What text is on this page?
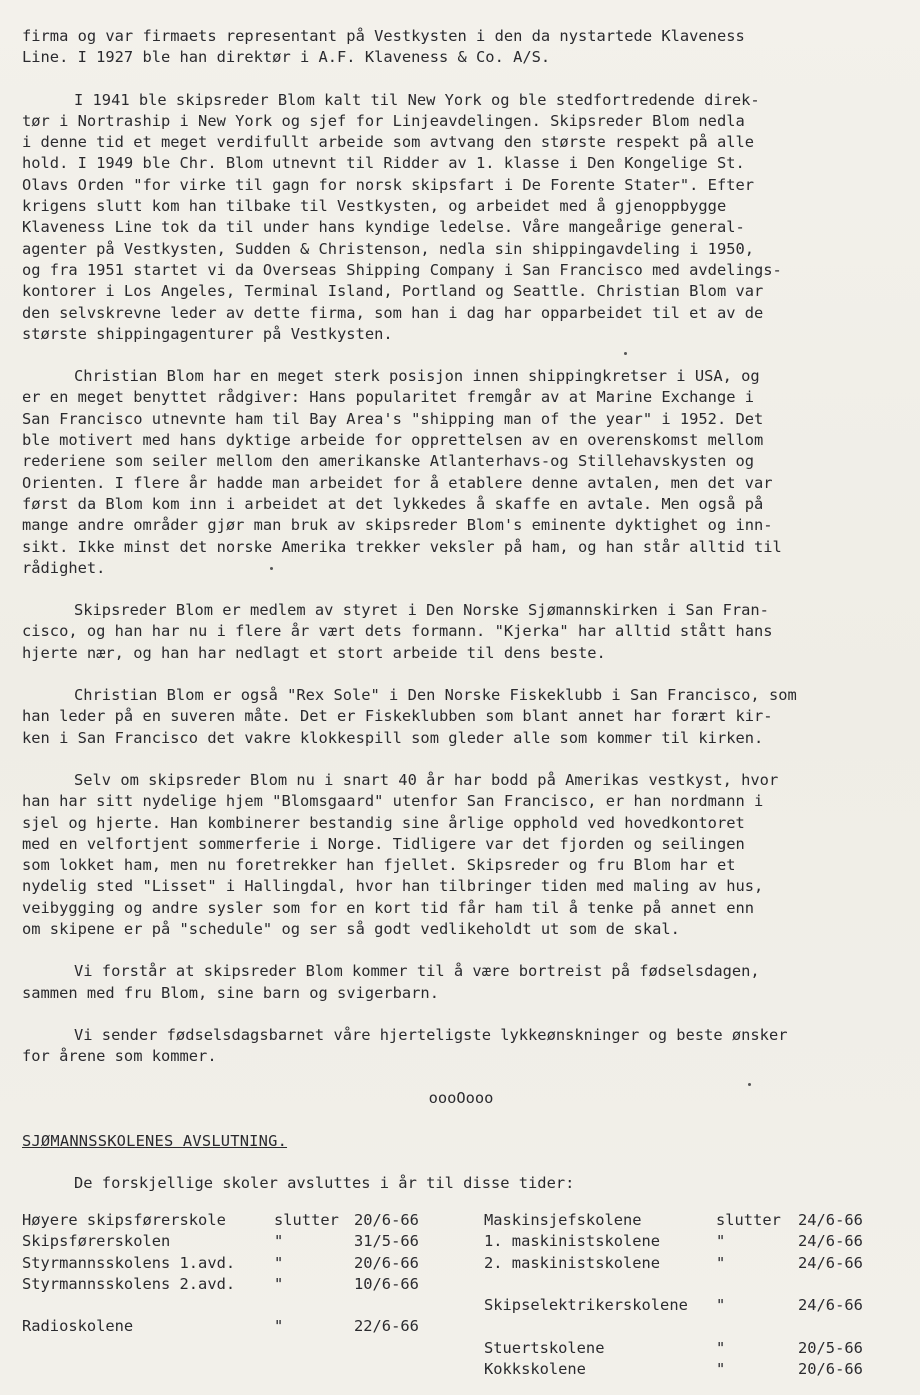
firma og var firmaets representant på Vestkysten i den da nystartede Klaveness
Line. I 1927 ble han direktør i A.F. Klaveness & Co. A/S.
I 1941 ble skipsreder Blom kalt til New York og ble stedfortredende direk-
tør i Nortraship i New York og sjef for Linjeavdelingen. Skipsreder Blom nedla
i denne tid et meget verdifullt arbeide som avtvang den største respekt på alle
hold. I 1949 ble Chr. Blom utnevnt til Ridder av 1. klasse i Den Kongelige St.
Olavs Orden "for virke til gagn for norsk skipsfart i De Forente Stater". Efter
krigens slutt kom han tilbake til Vestkysten, og arbeidet med å gjenoppbygge
Klaveness Line tok da til under hans kyndige ledelse. Våre mangeårige general-
agenter på Vestkysten, Sudden & Christenson, nedla sin shippingavdeling i 1950,
og fra 1951 startet vi da Overseas Shipping Company i San Francisco med avdelings-
kontorer i Los Angeles, Terminal Island, Portland og Seattle. Christian Blom var
den selvskrevne leder av dette firma, som han i dag har opparbeidet til et av de
største shippingagenturer på Vestkysten.
Christian Blom har en meget sterk posisjon innen shippingkretser i USA, og
er en meget benyttet rådgiver: Hans popularitet fremgår av at Marine Exchange i
San Francisco utnevnte ham til Bay Area's "shipping man of the year" i 1952. Det
ble motivert med hans dyktige arbeide for opprettelsen av en overenskomst mellom
rederiene som seiler mellom den amerikanske Atlanterhavs-og Stillehavskysten og
Orienten. I flere år hadde man arbeidet for å etablere denne avtalen, men det var
først da Blom kom inn i arbeidet at det lykkedes å skaffe en avtale. Men også på
mange andre områder gjør man bruk av skipsreder Blom's eminente dyktighet og inn-
sikt. Ikke minst det norske Amerika trekker veksler på ham, og han står alltid til
rådighet.
Skipsreder Blom er medlem av styret i Den Norske Sjømannskirken i San Fran-
cisco, og han har nu i flere år vært dets formann. "Kjerka" har alltid stått hans
hjerte nær, og han har nedlagt et stort arbeide til dens beste.
Christian Blom er også "Rex Sole" i Den Norske Fiskeklubb i San Francisco, som
han leder på en suveren måte. Det er Fiskeklubben som blant annet har forært kir-
ken i San Francisco det vakre klokkespill som gleder alle som kommer til kirken.
Selv om skipsreder Blom nu i snart 40 år har bodd på Amerikas vestkyst, hvor
han har sitt nydelige hjem "Blomsgaard" utenfor San Francisco, er han nordmann i
sjel og hjerte. Han kombinerer bestandig sine årlige opphold ved hovedkontoret
med en velfortjent sommerferie i Norge. Tidligere var det fjorden og seilingen
som lokket ham, men nu foretrekker han fjellet. Skipsreder og fru Blom har et
nydelig sted "Lisset" i Hallingdal, hvor han tilbringer tiden med maling av hus,
veibygging og andre sysler som for en kort tid får ham til å tenke på annet enn
om skipene er på "schedule" og ser så godt vedlikeholdt ut som de skal.
Vi forstår at skipsreder Blom kommer til å være bortreist på fødselsdagen,
sammen med fru Blom, sine barn og svigerbarn.
Vi sender fødselsdagsbarnet våre hjerteligste lykkeønskninger og beste ønsker
for årene som kommer.
oooOooo
SJØMANNSSKOLENES AVSLUTNING.
De forskjellige skoler avsluttes i år til disse tider:
Høyere skipsførerskole	slutter 20/6-66
Skipsførerskolen	"	31/5-66
Styrmannsskolens 1.avd.	"	20/6-66
Styrmannsskolens 2.avd.	"	10/6-66
Radioskolene	"	22/6-66
Maskinsjefskolene	slutter 24/6-66
1. maskinistskolene	"	24/6-66
2. maskinistskolene	"	24/6-66
Skipselektrikerskolene "	24/6-66
Stuertskolene	"	20/5-66
Kokkskolene	"	20/6-66
